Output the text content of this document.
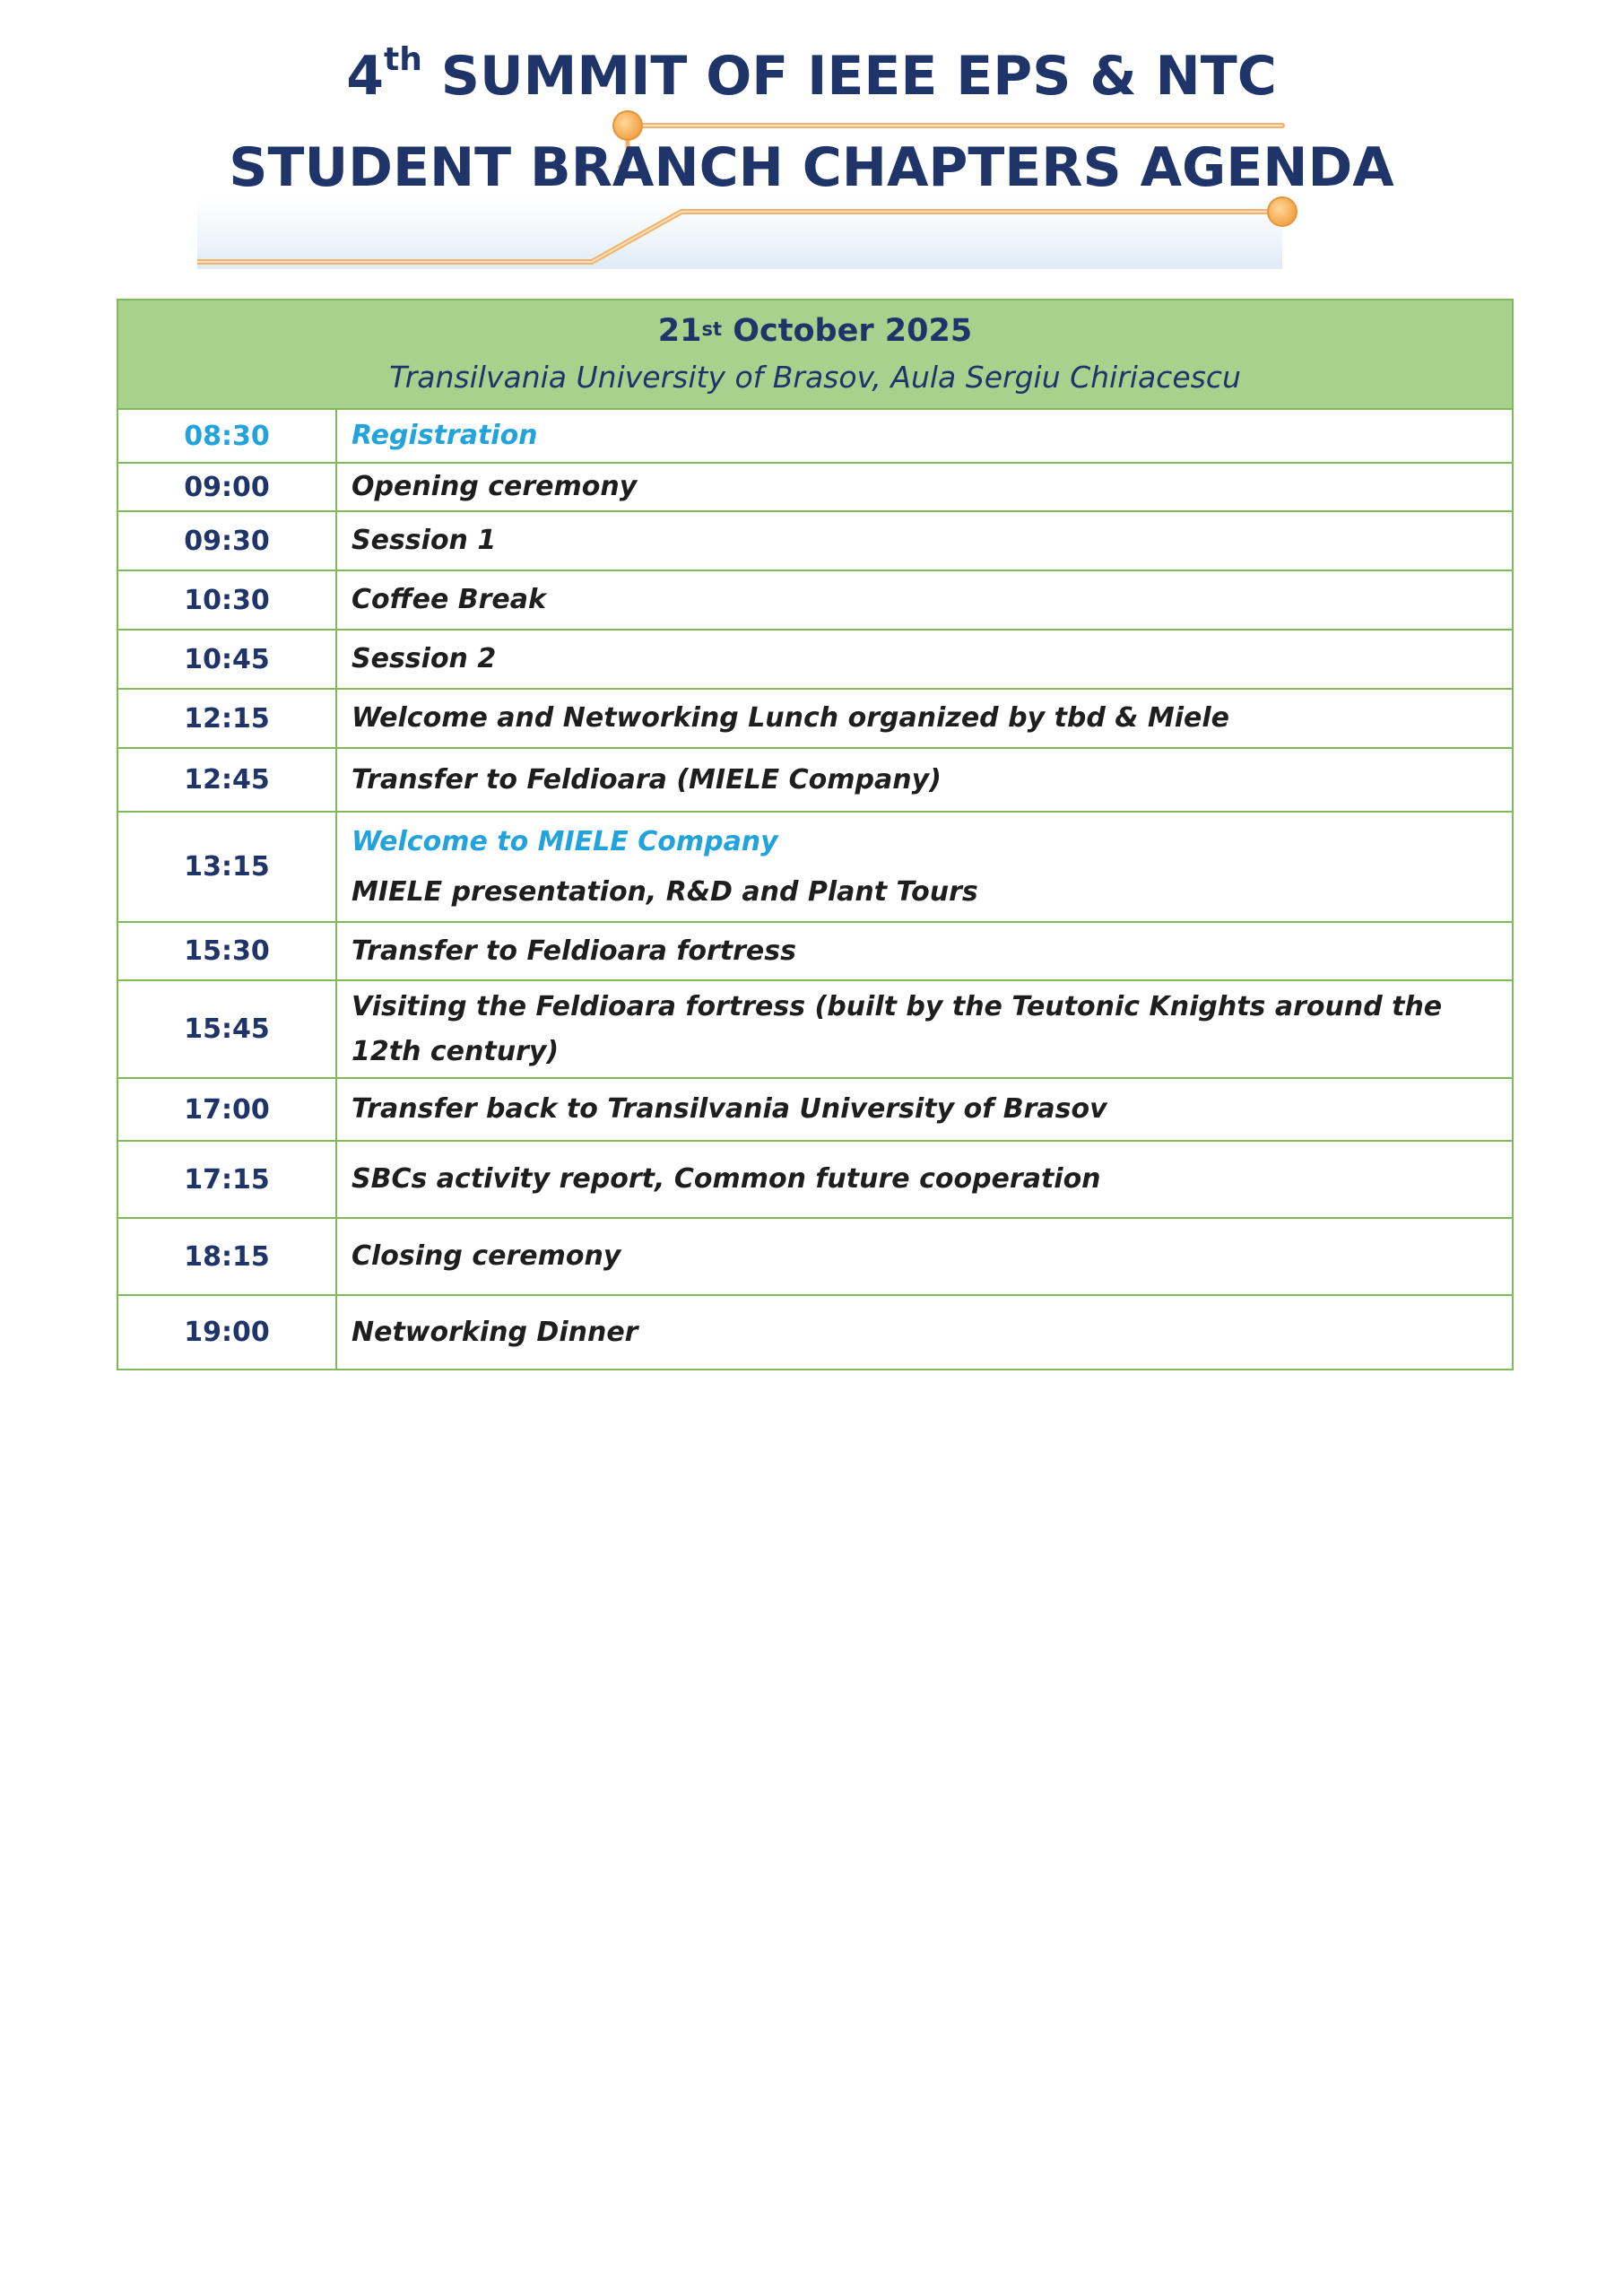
4th SUMMIT OF IEEE EPS & NTC
STUDENT BRANCH CHAPTERS AGENDA
21st October 2025
Transilvania University of Brasov, Aula Sergiu Chiriacescu	

08:30	Registration
09:00	Opening ceremony
09:30	Session 1
10:30	Coffee Break
10:45	Session 2
12:15	Welcome and Networking Lunch organized by tbd & Miele
12:45	Transfer to Feldioara (MIELE Company)
13:15	Welcome to MIELE Company
MIELE presentation, R&D and Plant Tours

15:30	Transfer to Feldioara fortress
15:45	Visiting the Feldioara fortress (built by the Teutonic Knights around the 12th century)
17:00	Transfer back to Transilvania University of Brasov
17:15	SBCs activity report, Common future cooperation
18:15	Closing ceremony
19:00	Networking Dinner
